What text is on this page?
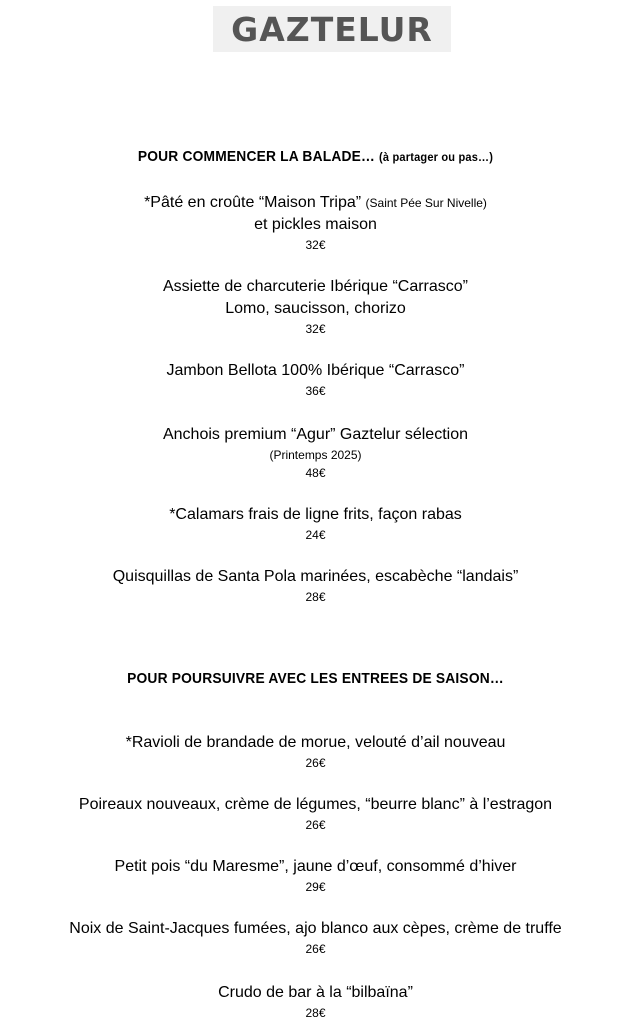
GAZTELUR
POUR COMMENCER LA BALADE… (à partager ou pas…)
*Pâté en croûte “Maison Tripa” (Saint Pée Sur Nivelle)
et pickles maison
32€
Assiette de charcuterie Ibérique “Carrasco”
Lomo, saucisson, chorizo
32€
Jambon Bellota 100% Ibérique “Carrasco”
36€
Anchois premium “Agur” Gaztelur sélection
(Printemps 2025)
48€
*Calamars frais de ligne frits, façon rabas
24€
Quisquillas de Santa Pola marinées, escabèche “landais”
28€
POUR POURSUIVRE AVEC LES ENTREES DE SAISON…
*Ravioli de brandade de morue, velouté d’ail nouveau
26€
Poireaux nouveaux, crème de légumes, “beurre blanc” à l’estragon
26€
Petit pois “du Maresme”, jaune d’œuf, consommé d’hiver
29€
Noix de Saint-Jacques fumées, ajo blanco aux cèpes, crème de truffe
26€
Crudo de bar à la “bilbaïna”
28€
